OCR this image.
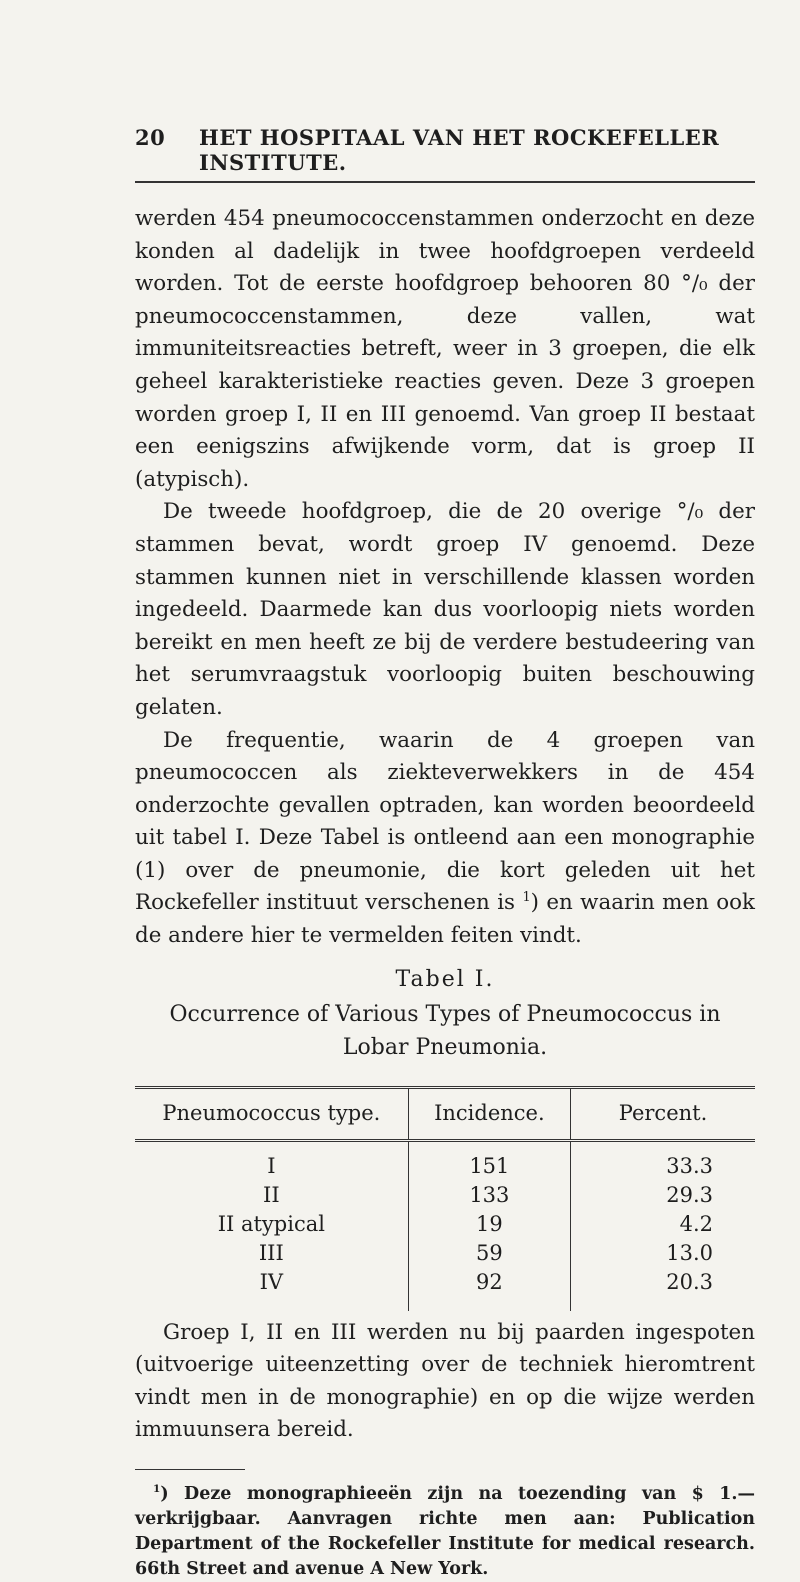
20	HET HOSPITAAL VAN HET ROCKEFELLER INSTITUTE.

werden 454 pneumococcenstammen onderzocht en deze konden al dadelijk in twee hoofdgroepen verdeeld worden. Tot de eerste hoofdgroep behooren 80 °/₀ der pneumococcenstammen, deze vallen, wat immuniteitsreacties betreft, weer in 3 groepen, die elk geheel karakteristieke reacties geven. Deze 3 groepen worden groep I, II en III genoemd. Van groep II bestaat een eenigszins afwijkende vorm, dat is groep II (atypisch).

De tweede hoofdgroep, die de 20 overige °/₀ der stammen bevat, wordt groep IV genoemd. Deze stammen kunnen niet in verschillende klassen worden ingedeeld. Daarmede kan dus voorloopig niets worden bereikt en men heeft ze bij de verdere bestudeering van het serumvraagstuk voorloopig buiten beschouwing gelaten.

De frequentie, waarin de 4 groepen van pneumococcen als ziekteverwekkers in de 454 onderzochte gevallen optraden, kan worden beoordeeld uit tabel I. Deze Tabel is ontleend aan een monographie (1) over de pneumonie, die kort geleden uit het Rockefeller instituut verschenen is $^1$) en waarin men ook de andere hier te vermelden feiten vindt.

Tabel I.
Occurrence of Various Types of Pneumococcus in Lobar Pneumonia.
Pneumococcus type.	Incidence.	Percent.
I	151	33.3
II	133	29.3
II atypical	19	4.2
III	59	13.0
IV	92	20.3

Groep I, II en III werden nu bij paarden ingespoten (uitvoerige uiteenzetting over de techniek hieromtrent vindt men in de monographie) en op die wijze werden immuunsera bereid.

$^1$) Deze monographieeën zijn na toezending van $ 1.— verkrijgbaar. Aanvragen richte men aan: Publication Department of the Rockefeller Institute for medical research. 66th Street and avenue A New York.
